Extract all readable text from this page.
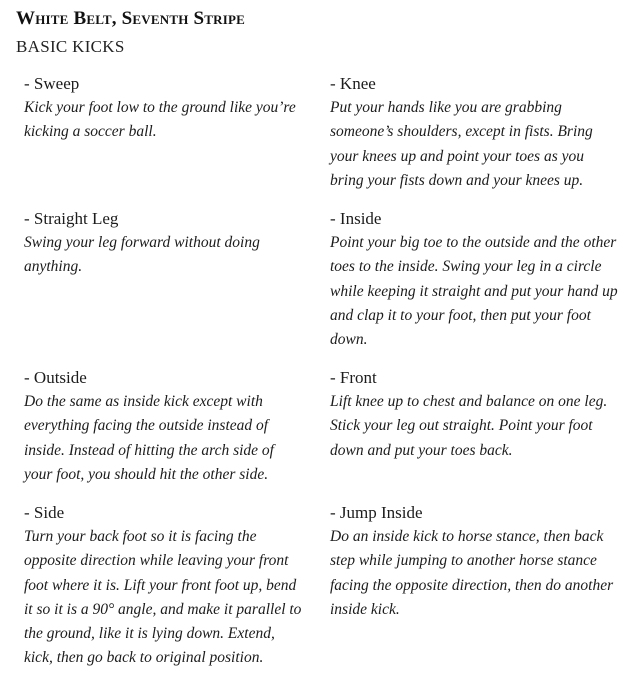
White Belt, Seventh Stripe
BASIC KICKS
- Sweep

Kick your foot low to the ground like you’re kicking a soccer ball.

- Knee

Put your hands like you are grabbing someone’s shoulders, except in fists. Bring your knees up and point your toes as you bring your fists down and your knees up.

- Straight Leg

Swing your leg forward without doing anything.

- Inside

Point your big toe to the outside and the other toes to the inside. Swing your leg in a circle while keeping it straight and put your hand up and clap it to your foot, then put your foot down.

- Outside

Do the same as inside kick except with everything facing the outside instead of inside. Instead of hitting the arch side of your foot, you should hit the other side.

- Front

Lift knee up to chest and balance on one leg. Stick your leg out straight. Point your foot down and put your toes back.

- Side

Turn your back foot so it is facing the opposite direction while leaving your front foot where it is. Lift your front foot up, bend it so it is a 90° angle, and make it parallel to the ground, like it is lying down. Extend, kick, then go back to original position.

- Jump Inside

Do an inside kick to horse stance, then back step while jumping to another horse stance facing the opposite direction, then do another inside kick.
